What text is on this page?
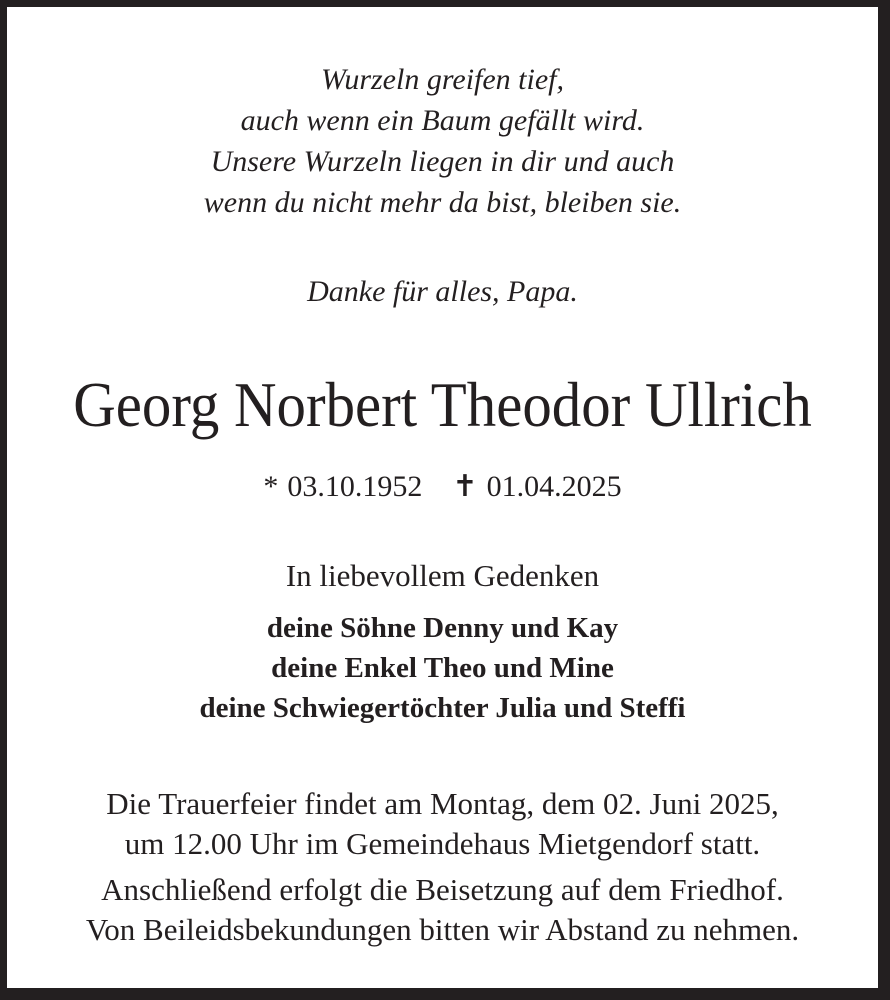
Wurzeln greifen tief,
auch wenn ein Baum gefällt wird.
Unsere Wurzeln liegen in dir und auch
wenn du nicht mehr da bist, bleiben sie.
Danke für alles, Papa.
Georg Norbert Theodor Ullrich
* 03.10.1952 ✝ 01.04.2025
In liebevollem Gedenken
deine Söhne Denny und Kay
deine Enkel Theo und Mine
deine Schwiegertöchter Julia und Steffi
Die Trauerfeier findet am Montag, dem 02. Juni 2025,
um 12.00 Uhr im Gemeindehaus Mietgendorf statt.
Anschließend erfolgt die Beisetzung auf dem Friedhof.
Von Beileidsbekundungen bitten wir Abstand zu nehmen.
